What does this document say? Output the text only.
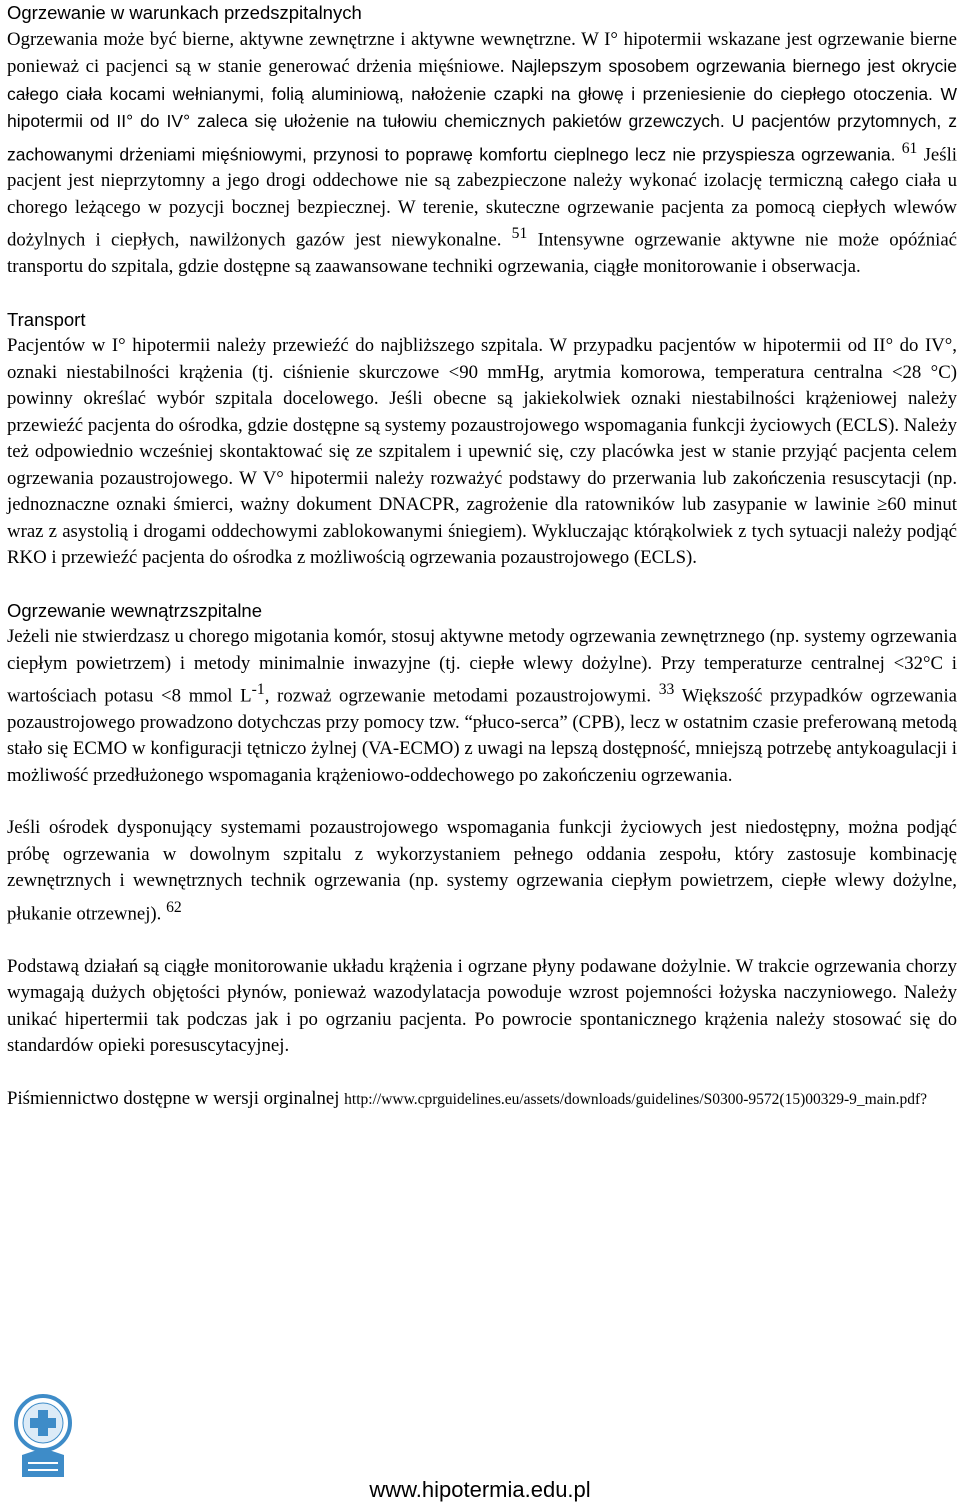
Ogrzewanie w warunkach przedszpitalnych

Ogrzewania może być bierne, aktywne zewnętrzne i aktywne wewnętrzne. W I° hipotermii wskazane jest ogrzewanie bierne ponieważ ci pacjenci są w stanie generować drżenia mięśniowe. Najlepszym sposobem ogrzewania biernego jest okrycie całego ciała kocami wełnianymi, folią aluminiową, nałożenie czapki na głowę i przeniesienie do ciepłego otoczenia. W hipotermii od II° do IV° zaleca się ułożenie na tułowiu chemicznych pakietów grzewczych. U pacjentów przytomnych, z zachowanymi drżeniami mięśniowymi, przynosi to poprawę komfortu cieplnego lecz nie przyspiesza ogrzewania. $^{61}$ Jeśli pacjent jest nieprzytomny a jego drogi oddechowe nie są zabezpieczone należy wykonać izolację termiczną całego ciała u chorego leżącego w pozycji bocznej bezpiecznej. W terenie, skuteczne ogrzewanie pacjenta za pomocą ciepłych wlewów dożylnych i ciepłych, nawilżonych gazów jest niewykonalne. $^{51}$ Intensywne ogrzewanie aktywne nie może opóźniać transportu do szpitala, gdzie dostępne są zaawansowane techniki ogrzewania, ciągłe monitorowanie i obserwacja.

Transport

Pacjentów w I° hipotermii należy przewieźć do najbliższego szpitala. W przypadku pacjentów w hipotermii od II° do IV°, oznaki niestabilności krążenia (tj. ciśnienie skurczowe <90 mmHg, arytmia komorowa, temperatura centralna <28 °C) powinny określać wybór szpitala docelowego. Jeśli obecne są jakiekolwiek oznaki niestabilności krążeniowej należy przewieźć pacjenta do ośrodka, gdzie dostępne są systemy pozaustrojowego wspomagania funkcji życiowych (ECLS). Należy też odpowiednio wcześniej skontaktować się ze szpitalem i upewnić się, czy placówka jest w stanie przyjąć pacjenta celem ogrzewania pozaustrojowego. W V° hipotermii należy rozważyć podstawy do przerwania lub zakończenia resuscytacji (np. jednoznaczne oznaki śmierci, ważny dokument DNACPR, zagrożenie dla ratowników lub zasypanie w lawinie ≥60 minut wraz z asystolią i drogami oddechowymi zablokowanymi śniegiem). Wykluczając którąkolwiek z tych sytuacji należy podjąć RKO i przewieźć pacjenta do ośrodka z możliwością ogrzewania pozaustrojowego (ECLS).

Ogrzewanie wewnątrzszpitalne

Jeżeli nie stwierdzasz u chorego migotania komór, stosuj aktywne metody ogrzewania zewnętrznego (np. systemy ogrzewania ciepłym powietrzem) i metody minimalnie inwazyjne (tj. ciepłe wlewy dożylne). Przy temperaturze centralnej <32°C i wartościach potasu <8 mmol $L^{-1}$, rozważ ogrzewanie metodami pozaustrojowymi. $^{33}$ Większość przypadków ogrzewania pozaustrojowego prowadzono dotychczas przy pomocy tzw. “płuco-serca” (CPB), lecz w ostatnim czasie preferowaną metodą stało się ECMO w konfiguracji tętniczo żylnej (VA-ECMO) z uwagi na lepszą dostępność, mniejszą potrzebę antykoagulacji i możliwość przedłużonego wspomagania krążeniowo-oddechowego po zakończeniu ogrzewania.

Jeśli ośrodek dysponujący systemami pozaustrojowego wspomagania funkcji życiowych jest niedostępny, można podjąć próbę ogrzewania w dowolnym szpitalu z wykorzystaniem pełnego oddania zespołu, który zastosuje kombinację zewnętrznych i wewnętrznych technik ogrzewania (np. systemy ogrzewania ciepłym powietrzem, ciepłe wlewy dożylne, płukanie otrzewnej). $^{62}$

Podstawą działań są ciągłe monitorowanie układu krążenia i ogrzane płyny podawane dożylnie. W trakcie ogrzewania chorzy wymagają dużych objętości płynów, ponieważ wazodylatacja powoduje wzrost pojemności łożyska naczyniowego. Należy unikać hipertermii tak podczas jak i po ogrzaniu pacjenta. Po powrocie spontanicznego krążenia należy stosować się do standardów opieki poresuscytacyjnej.

Piśmiennictwo dostępne w wersji orginalnej http://www.cprguidelines.eu/assets/downloads/guidelines/S0300-9572(15)00329-9_main.pdf?

www.hipotermia.edu.pl
